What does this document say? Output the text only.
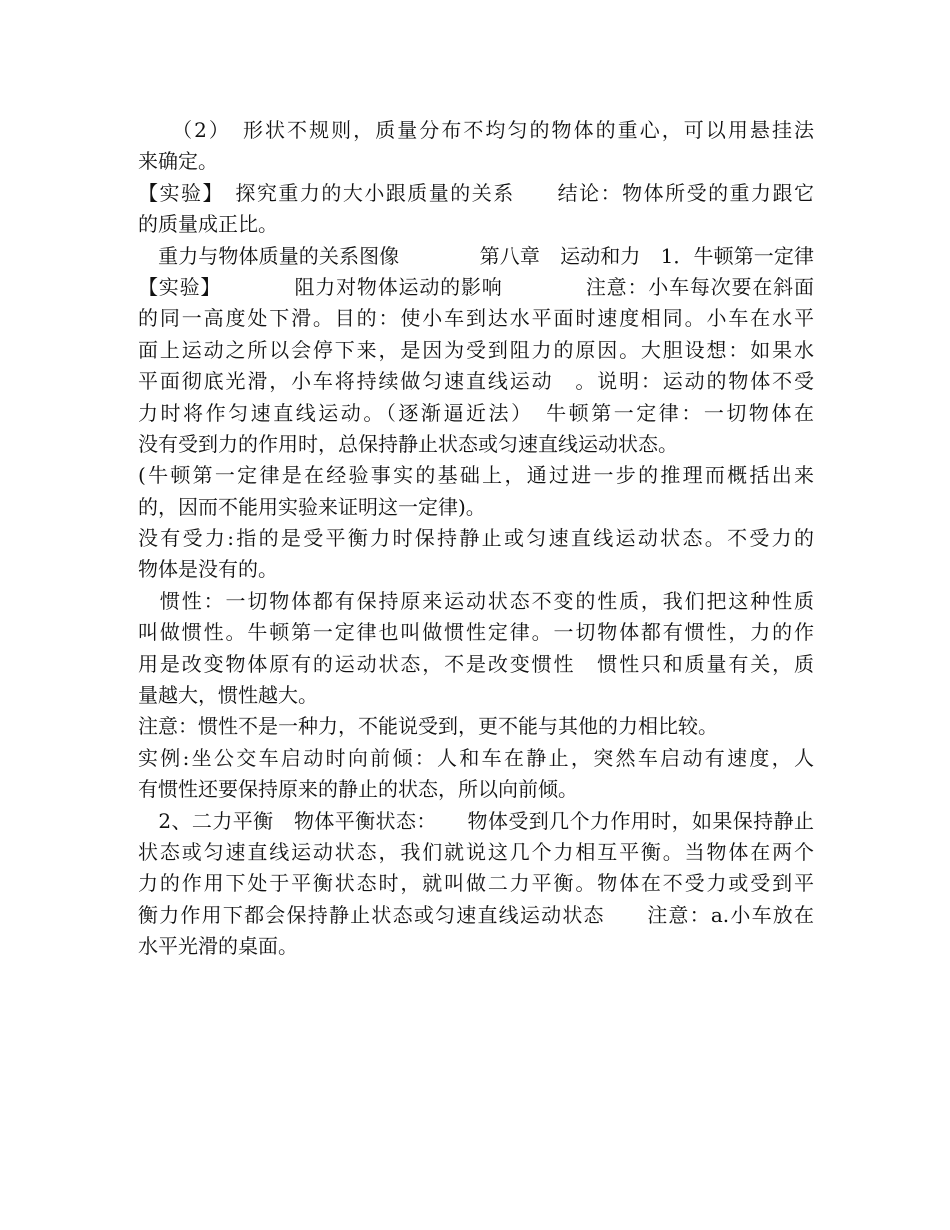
　　（2）　形状不规则，质量分布不均匀的物体的重心，可以用悬挂法
来确定。
【实验】　探究重力的大小跟质量的关系　　结论：物体所受的重力跟它
的质量成正比。
　重力与物体质量的关系图像　　　　第八章　运动和力　1．牛顿第一定律
【实验】　　　　阻力对物体运动的影响　　　　注意：小车每次要在斜面
的同一高度处下滑。目的：使小车到达水平面时速度相同。小车在水平
面上运动之所以会停下来，是因为受到阻力的原因。大胆设想：如果水
平面彻底光滑，小车将持续做匀速直线运动　。说明：运动的物体不受
力时将作匀速直线运动。（逐渐逼近法）　牛顿第一定律：一切物体在
没有受到力的作用时，总保持静止状态或匀速直线运动状态。
(牛顿第一定律是在经验事实的基础上，通过进一步的推理而概括出来
的，因而不能用实验来证明这一定律)。
没有受力:指的是受平衡力时保持静止或匀速直线运动状态。不受力的
物体是没有的。
　惯性：一切物体都有保持原来运动状态不变的性质，我们把这种性质
叫做惯性。牛顿第一定律也叫做惯性定律。一切物体都有惯性，力的作
用是改变物体原有的运动状态，不是改变惯性　惯性只和质量有关，质
量越大，惯性越大。
注意：惯性不是一种力，不能说受到，更不能与其他的力相比较。
实例:坐公交车启动时向前倾：人和车在静止，突然车启动有速度，人
有惯性还要保持原来的静止的状态，所以向前倾。
　2、二力平衡　物体平衡状态：　　物体受到几个力作用时，如果保持静止
状态或匀速直线运动状态，我们就说这几个力相互平衡。当物体在两个
力的作用下处于平衡状态时，就叫做二力平衡。物体在不受力或受到平
衡力作用下都会保持静止状态或匀速直线运动状态　　注意：a.小车放在
水平光滑的桌面。
